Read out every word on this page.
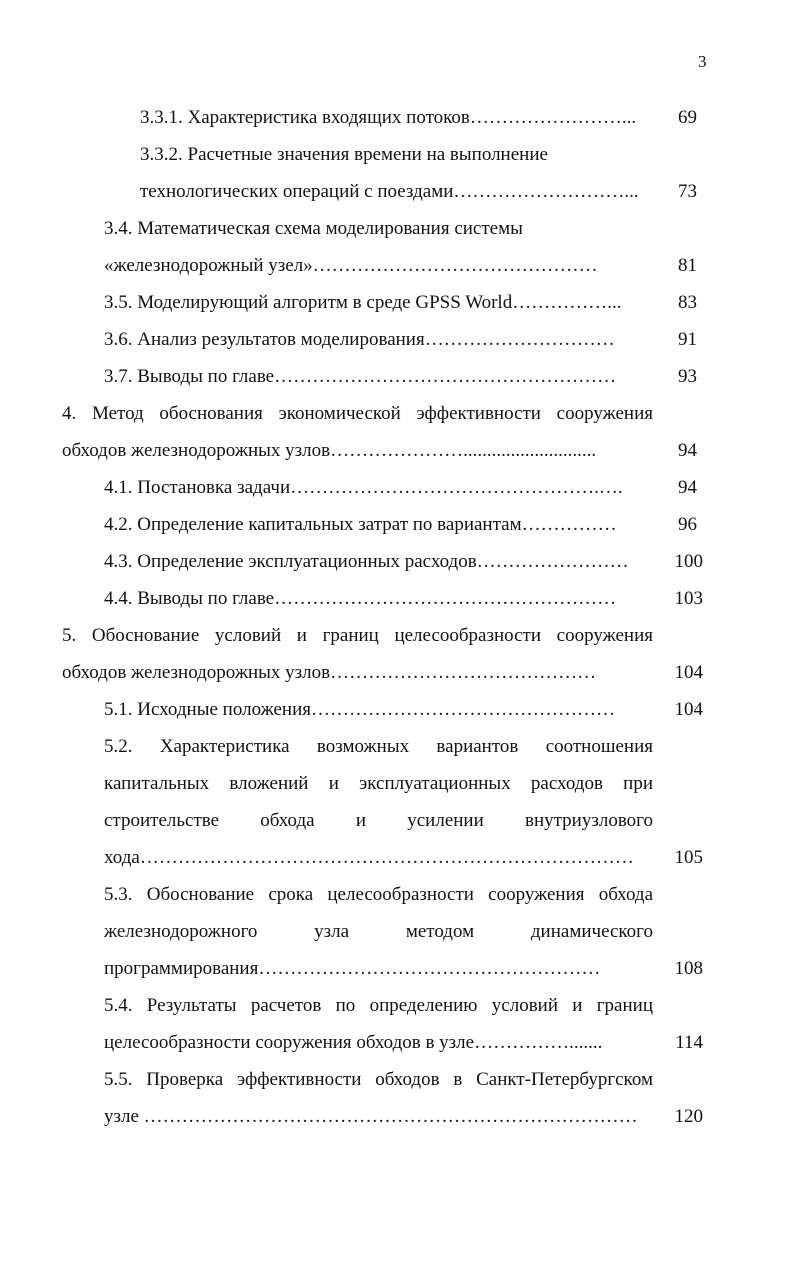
3
3.3.1. Характеристика входящих потоков……………………...	69
3.3.2. Расчетные значения времени на выполнение
технологических операций с поездами………………………...	73
3.4. Математическая схема моделирования системы
«железнодорожный узел»………………………………………	81
3.5. Моделирующий алгоритм в среде GPSS World……………...	83
3.6. Анализ результатов моделирования…………………………	91
3.7. Выводы по главе………………………………………………	93
4. Метод обоснования экономической эффективности сооружения
обходов железнодорожных узлов…………………............................	94
4.1. Постановка задачи………………………………………….….	94
4.2. Определение капитальных затрат по вариантам……………	96
4.3. Определение эксплуатационных расходов……………………	100
4.4. Выводы по главе………………………………………………	103
5. Обоснование условий и границ целесообразности сооружения
обходов железнодорожных узлов……………………………………	104
5.1. Исходные положения…………………………………………	104
5.2. Характеристика возможных вариантов соотношения
капитальных вложений и эксплуатационных расходов при
строительстве обхода и усилении внутриузлового
хода……………………………………………………………………	105
5.3. Обоснование срока целесообразности сооружения обхода
железнодорожного узла методом динамического
программирования………………………………………………	108
5.4. Результаты расчетов по определению условий и границ
целесообразности сооружения обходов в узле…………….......	114
5.5. Проверка эффективности обходов в Санкт-Петербургском
узле ……………………………………………………………………	120
